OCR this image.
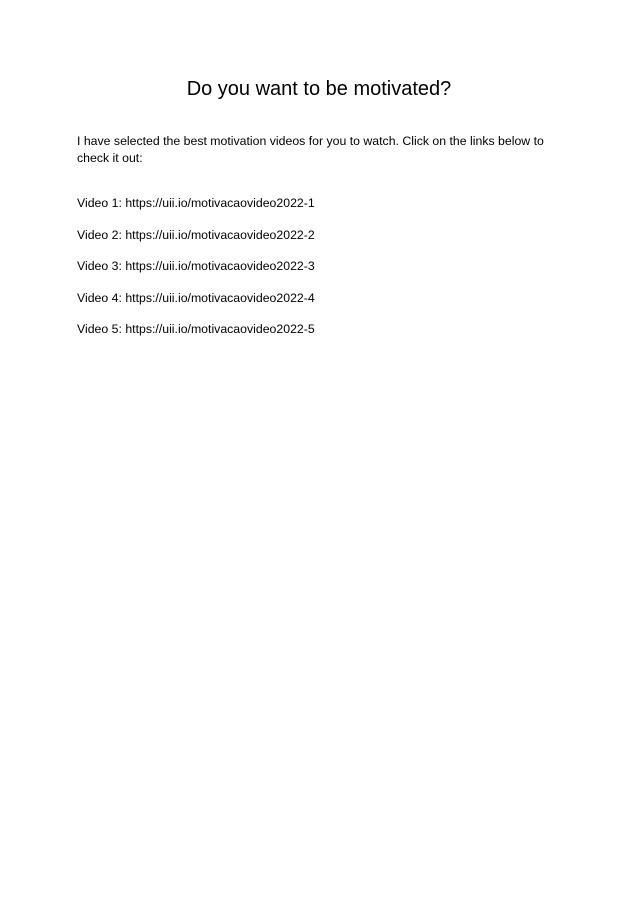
Do you want to be motivated?

I have selected the best motivation videos for you to watch. Click on the links below to check it out:

Video 1: https://uii.io/motivacaovideo2022-1
Video 2: https://uii.io/motivacaovideo2022-2
Video 3: https://uii.io/motivacaovideo2022-3
Video 4: https://uii.io/motivacaovideo2022-4
Video 5: https://uii.io/motivacaovideo2022-5
